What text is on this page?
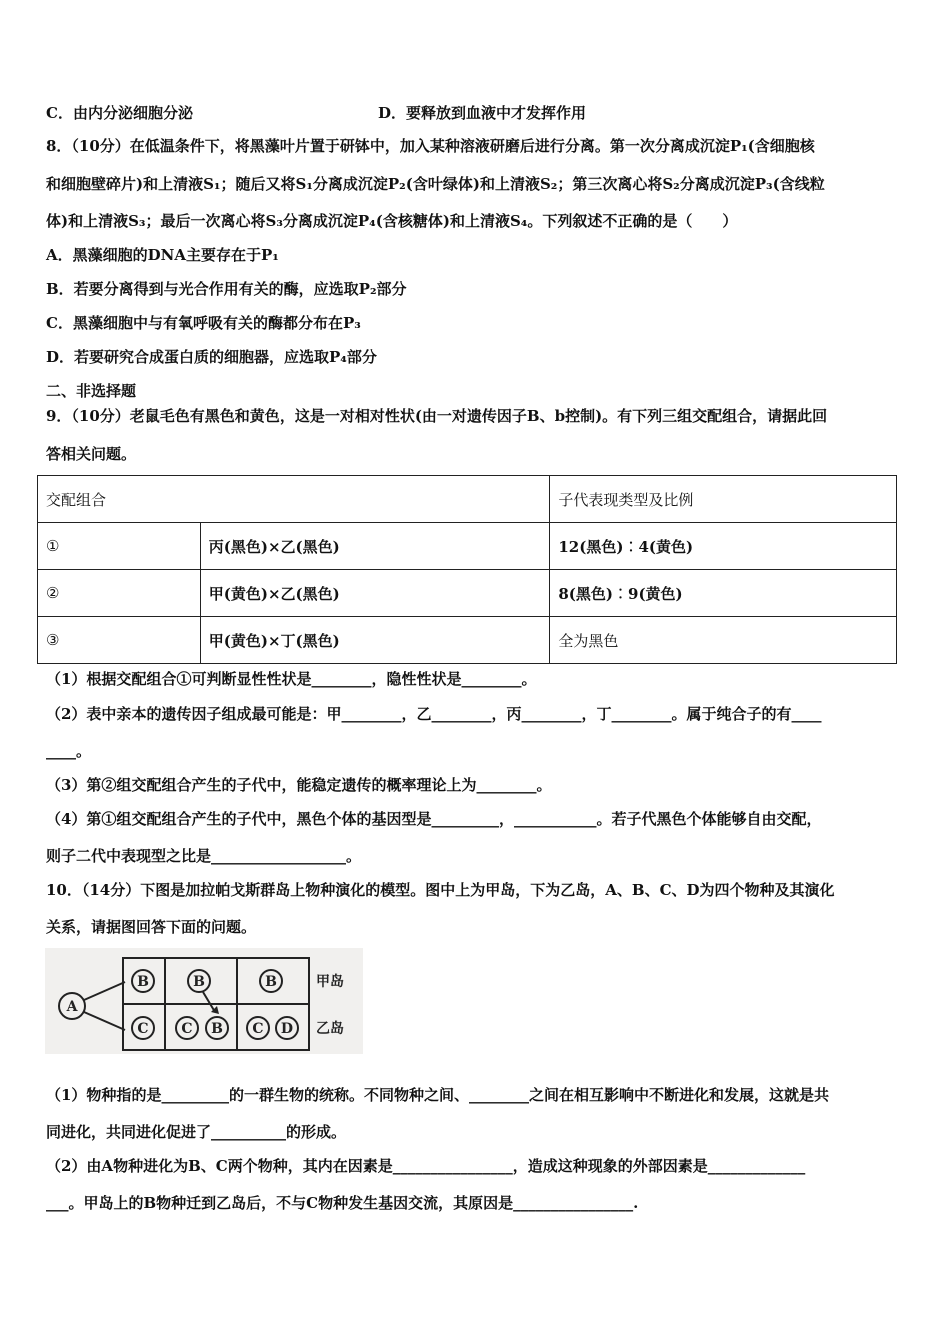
C．由内分泌细胞分泌	D．要释放到血液中才发挥作用
8．（10分）在低温条件下，将黑藻叶片置于研钵中，加入某种溶液研磨后进行分离。第一次分离成沉淀P₁(含细胞核
和细胞壁碎片)和上清液S₁；随后又将S₁分离成沉淀P₂(含叶绿体)和上清液S₂；第三次离心将S₂分离成沉淀P₃(含线粒
体)和上清液S₃；最后一次离心将S₃分离成沉淀P₄(含核糖体)和上清液S₄。下列叙述不正确的是（　　）
A．黑藻细胞的DNA主要存在于P₁
B．若要分离得到与光合作用有关的酶，应选取P₂部分
C．黑藻细胞中与有氧呼吸有关的酶都分布在P₃
D．若要研究合成蛋白质的细胞器，应选取P₄部分
二、非选择题
9．（10分）老鼠毛色有黑色和黄色，这是一对相对性状(由一对遗传因子B、b控制)。有下列三组交配组合，请据此回
答相关问题。
交配组合		子代表现类型及比例
①	丙(黑色)×乙(黑色)	12(黑色)︰4(黄色)
②	甲(黄色)×乙(黑色)	8(黑色)︰9(黄色)
③	甲(黄色)×丁(黑色)	全为黑色
（1）根据交配组合①可判断显性性状是________，隐性性状是________。
（2）表中亲本的遗传因子组成最可能是：甲________，乙________，丙________，丁________。属于纯合子的有____
____。
（3）第②组交配组合产生的子代中，能稳定遗传的概率理论上为________。
（4）第①组交配组合产生的子代中，黑色个体的基因型是_________，___________。若子代黑色个体能够自由交配，
则子二代中表现型之比是__________________。
10．（14分）下图是加拉帕戈斯群岛上物种演化的模型。图中上为甲岛，下为乙岛，A、B、C、D为四个物种及其演化
关系，请据图回答下面的问题。
A
B	B	B
C C B C D
甲岛
乙岛
（1）物种指的是_________的一群生物的统称。不同物种之间、________之间在相互影响中不断进化和发展，这就是共
同进化，共同进化促进了__________的形成。
（2）由A物种进化为B、C两个物种，其内在因素是________________，造成这种现象的外部因素是_____________
___。甲岛上的B物种迁到乙岛后，不与C物种发生基因交流，其原因是________________.
